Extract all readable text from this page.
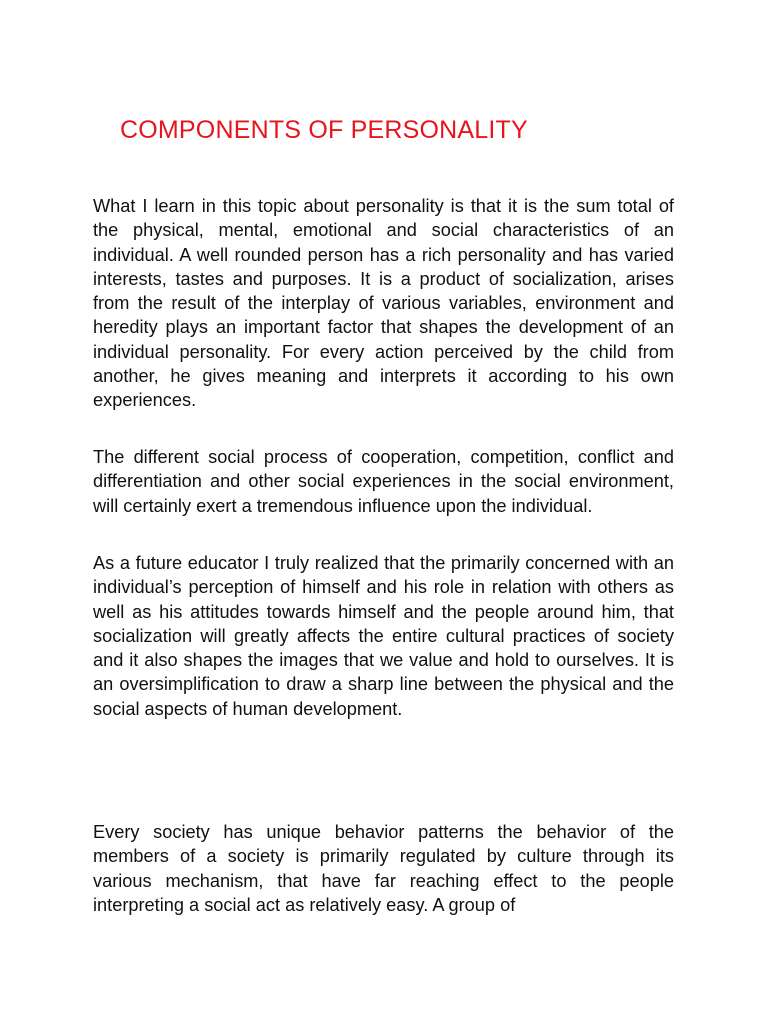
COMPONENTS OF PERSONALITY

What I learn in this topic about personality is that it is the sum total of the physical, mental, emotional and social characteristics of an individual. A well rounded person has a rich personality and has varied interests, tastes and purposes. It is a product of socialization, arises from the result of the interplay of various variables, environment and heredity plays an important factor that shapes the development of an individual personality. For every action perceived by the child from another, he gives meaning and interprets it according to his own experiences.

The different social process of cooperation, competition, conflict and differentiation and other social experiences in the social environment, will certainly exert a tremendous influence upon the individual.

As a future educator I truly realized that the primarily concerned with an individual’s perception of himself and his role in relation with others as well as his attitudes towards himself and the people around him, that socialization will greatly affects the entire cultural practices of society and it also shapes the images that we value and hold to ourselves. It is an oversimplification to draw a sharp line between the physical and the social aspects of human development.

Every society has unique behavior patterns the behavior of the members of a society is primarily regulated by culture through its various mechanism, that have far reaching effect to the people interpreting a social act as relatively easy. A group of
